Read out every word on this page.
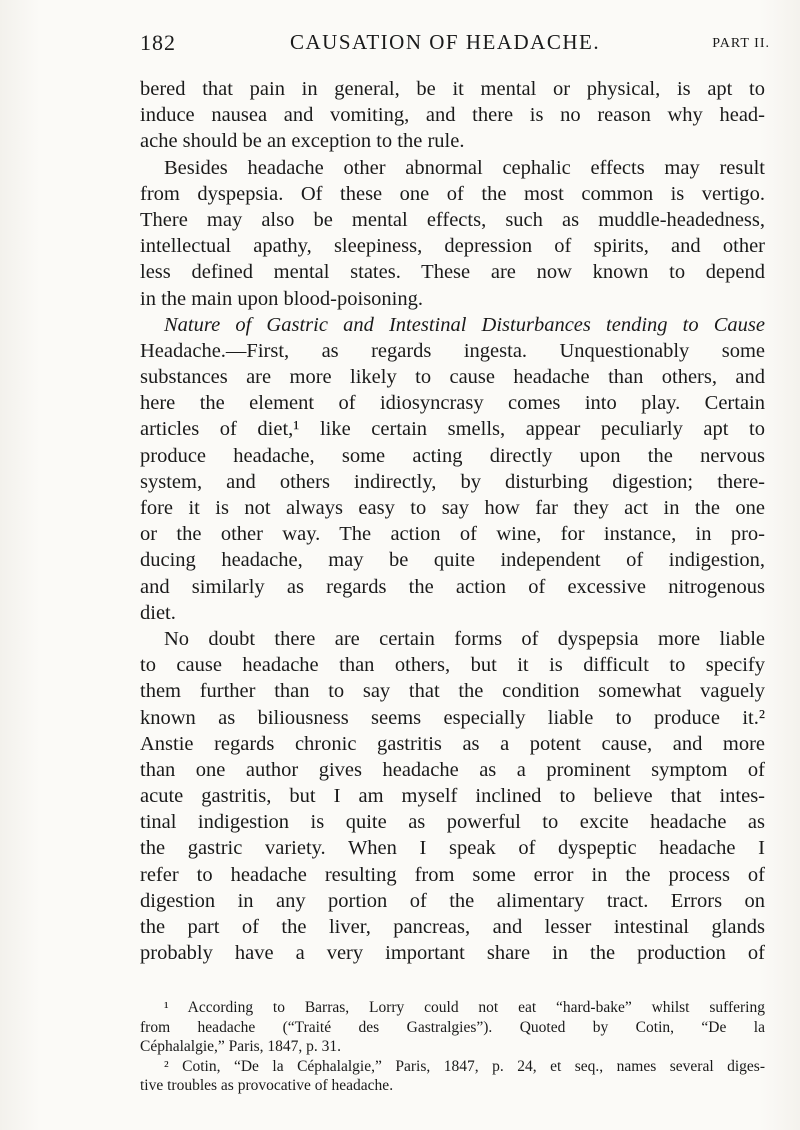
182	CAUSATION OF HEADACHE.	PART II.
bered that pain in general, be it mental or physical, is apt to
induce nausea and vomiting, and there is no reason why head-
ache should be an exception to the rule.
Besides headache other abnormal cephalic effects may result
from dyspepsia. Of these one of the most common is vertigo.
There may also be mental effects, such as muddle-headedness,
intellectual apathy, sleepiness, depression of spirits, and other
less defined mental states. These are now known to depend
in the main upon blood-poisoning.
Nature of Gastric and Intestinal Disturbances tending to Cause
Headache.—First, as regards ingesta. Unquestionably some
substances are more likely to cause headache than others, and
here the element of idiosyncrasy comes into play. Certain
articles of diet,¹ like certain smells, appear peculiarly apt to
produce headache, some acting directly upon the nervous
system, and others indirectly, by disturbing digestion; there-
fore it is not always easy to say how far they act in the one
or the other way. The action of wine, for instance, in pro-
ducing headache, may be quite independent of indigestion,
and similarly as regards the action of excessive nitrogenous
diet.
No doubt there are certain forms of dyspepsia more liable
to cause headache than others, but it is difficult to specify
them further than to say that the condition somewhat vaguely
known as biliousness seems especially liable to produce it.²
Anstie regards chronic gastritis as a potent cause, and more
than one author gives headache as a prominent symptom of
acute gastritis, but I am myself inclined to believe that intes-
tinal indigestion is quite as powerful to excite headache as
the gastric variety. When I speak of dyspeptic headache I
refer to headache resulting from some error in the process of
digestion in any portion of the alimentary tract. Errors on
the part of the liver, pancreas, and lesser intestinal glands
probably have a very important share in the production of
¹ According to Barras, Lorry could not eat “hard-bake” whilst suffering
from headache (“Traité des Gastralgies”). Quoted by Cotin, “De la
Céphalalgie,” Paris, 1847, p. 31.
² Cotin, “De la Céphalalgie,” Paris, 1847, p. 24, et seq., names several diges-
tive troubles as provocative of headache.
